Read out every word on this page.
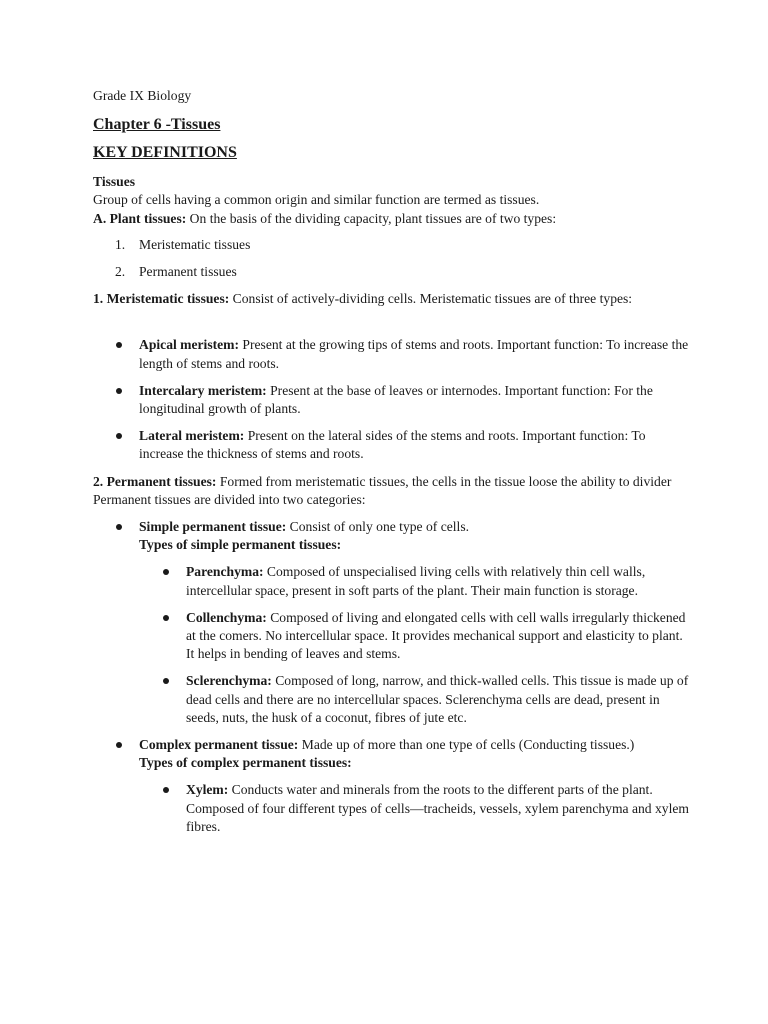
Grade IX Biology

Chapter 6 -Tissues

KEY DEFINITIONS

Tissues

Group of cells having a common origin and similar function are termed as tissues.

A. Plant tissues: On the basis of the dividing capacity, plant tissues are of two types:

1. Meristematic tissues
2. Permanent tissues

1. Meristematic tissues: Consist of actively-dividing cells. Meristematic tissues are of three types:

Apical meristem: Present at the growing tips of stems and roots. Important function: To increase the length of stems and roots.
Intercalary meristem: Present at the base of leaves or internodes. Important function: For the longitudinal growth of plants.
Lateral meristem: Present on the lateral sides of the stems and roots. Important function: To increase the thickness of stems and roots.

2. Permanent tissues: Formed from meristematic tissues, the cells in the tissue loose the ability to divider Permanent tissues are divided into two categories:

Simple permanent tissue: Consist of only one type of cells.
Types of simple permanent tissues:
Parenchyma: Composed of unspecialised living cells with relatively thin cell walls, intercellular space, present in soft parts of the plant. Their main function is storage.
Collenchyma: Composed of living and elongated cells with cell walls irregularly thickened at the comers. No intercellular space. It provides mechanical support and elasticity to plant. It helps in bending of leaves and stems.
Sclerenchyma: Composed of long, narrow, and thick-walled cells. This tissue is made up of dead cells and there are no intercellular spaces. Sclerenchyma cells are dead, present in seeds, nuts, the husk of a coconut, fibres of jute etc.
Complex permanent tissue: Made up of more than one type of cells (Conducting tissues.)
Types of complex permanent tissues:
Xylem: Conducts water and minerals from the roots to the different parts of the plant.
Composed of four different types of cells—tracheids, vessels, xylem parenchyma and xylem fibres.
